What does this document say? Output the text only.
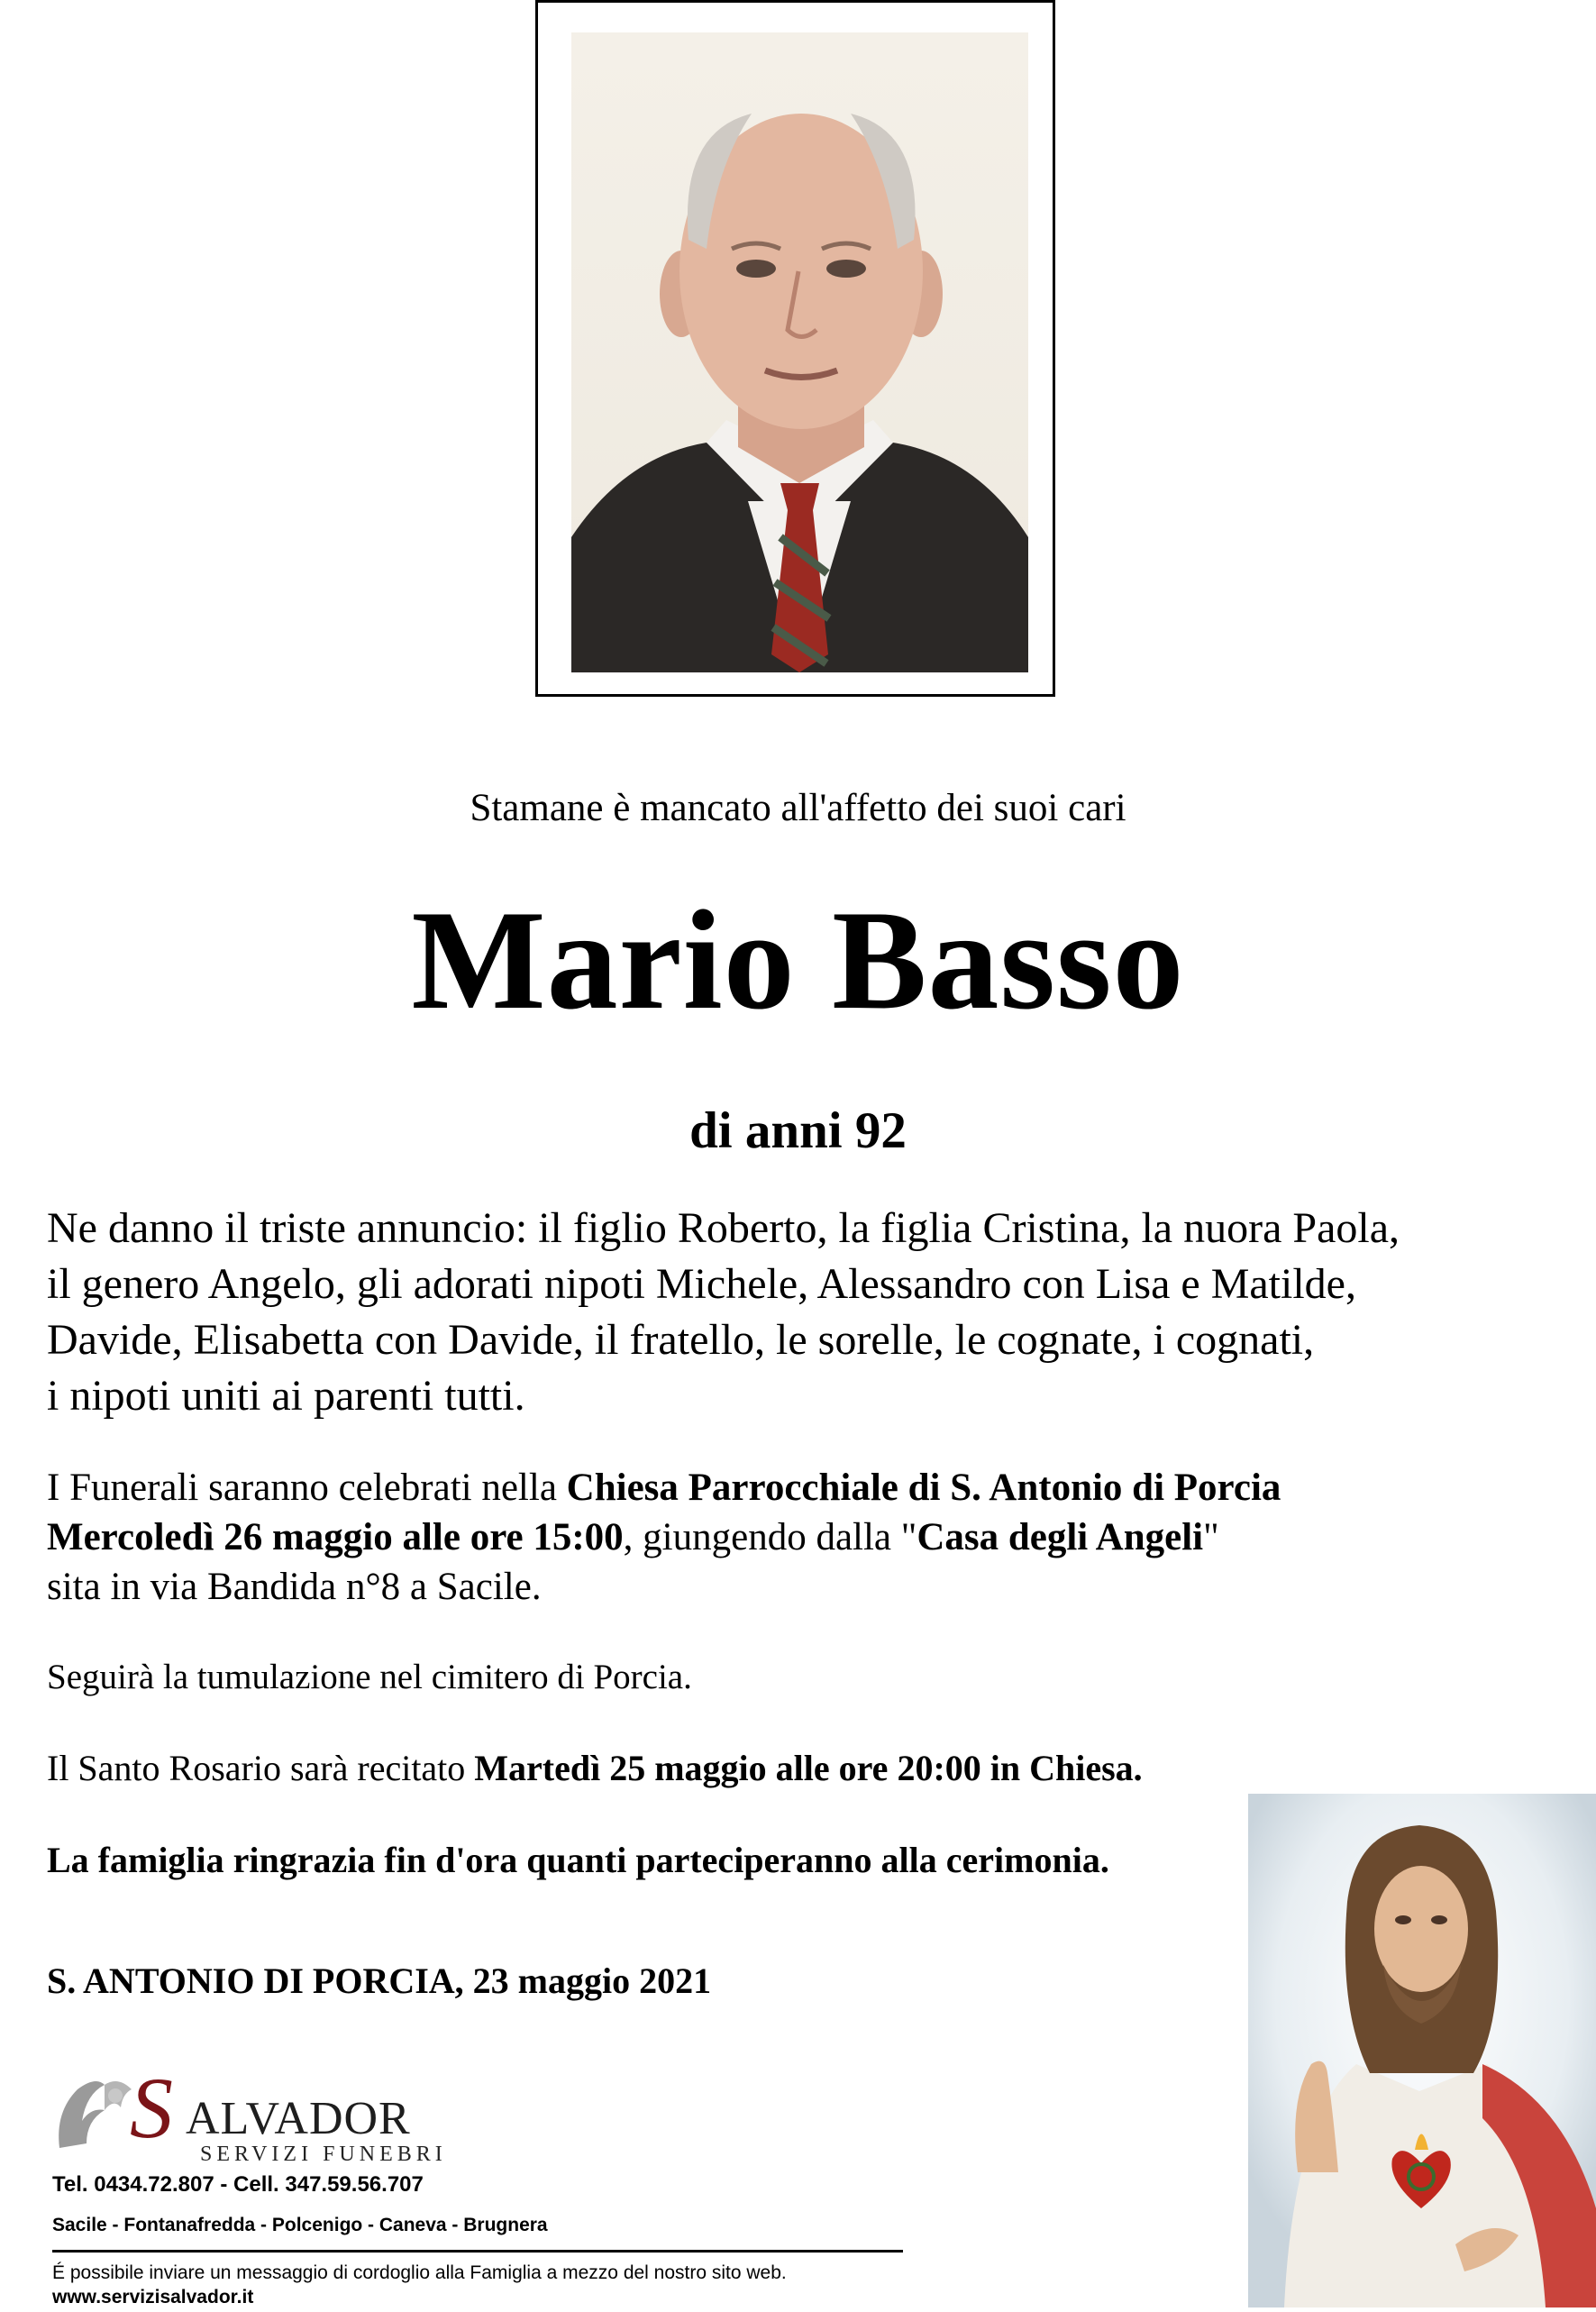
Stamane è mancato all'affetto dei suoi cari
Mario Basso
di anni 92
Ne danno il triste annuncio: il figlio Roberto, la figlia Cristina, la nuora Paola,
il genero Angelo, gli adorati nipoti Michele, Alessandro con Lisa e Matilde,
Davide, Elisabetta con Davide, il fratello, le sorelle, le cognate, i cognati,
i nipoti uniti ai parenti tutti.
I Funerali saranno celebrati nella Chiesa Parrocchiale di S. Antonio di Porcia
Mercoledì 26 maggio alle ore 15:00, giungendo dalla "Casa degli Angeli"
sita in via Bandida n°8 a Sacile.
Seguirà la tumulazione nel cimitero di Porcia.
Il Santo Rosario sarà recitato Martedì 25 maggio alle ore 20:00 in Chiesa.
La famiglia ringrazia fin d'ora quanti parteciperanno alla cerimonia.
S. ANTONIO DI PORCIA, 23 maggio 2021
S ALVADOR
SERVIZI FUNEBRI
Tel. 0434.72.807 - Cell. 347.59.56.707
Sacile - Fontanafredda - Polcenigo - Caneva - Brugnera
É possibile inviare un messaggio di cordoglio alla Famiglia a mezzo del nostro sito web.
www.servizisalvador.it
